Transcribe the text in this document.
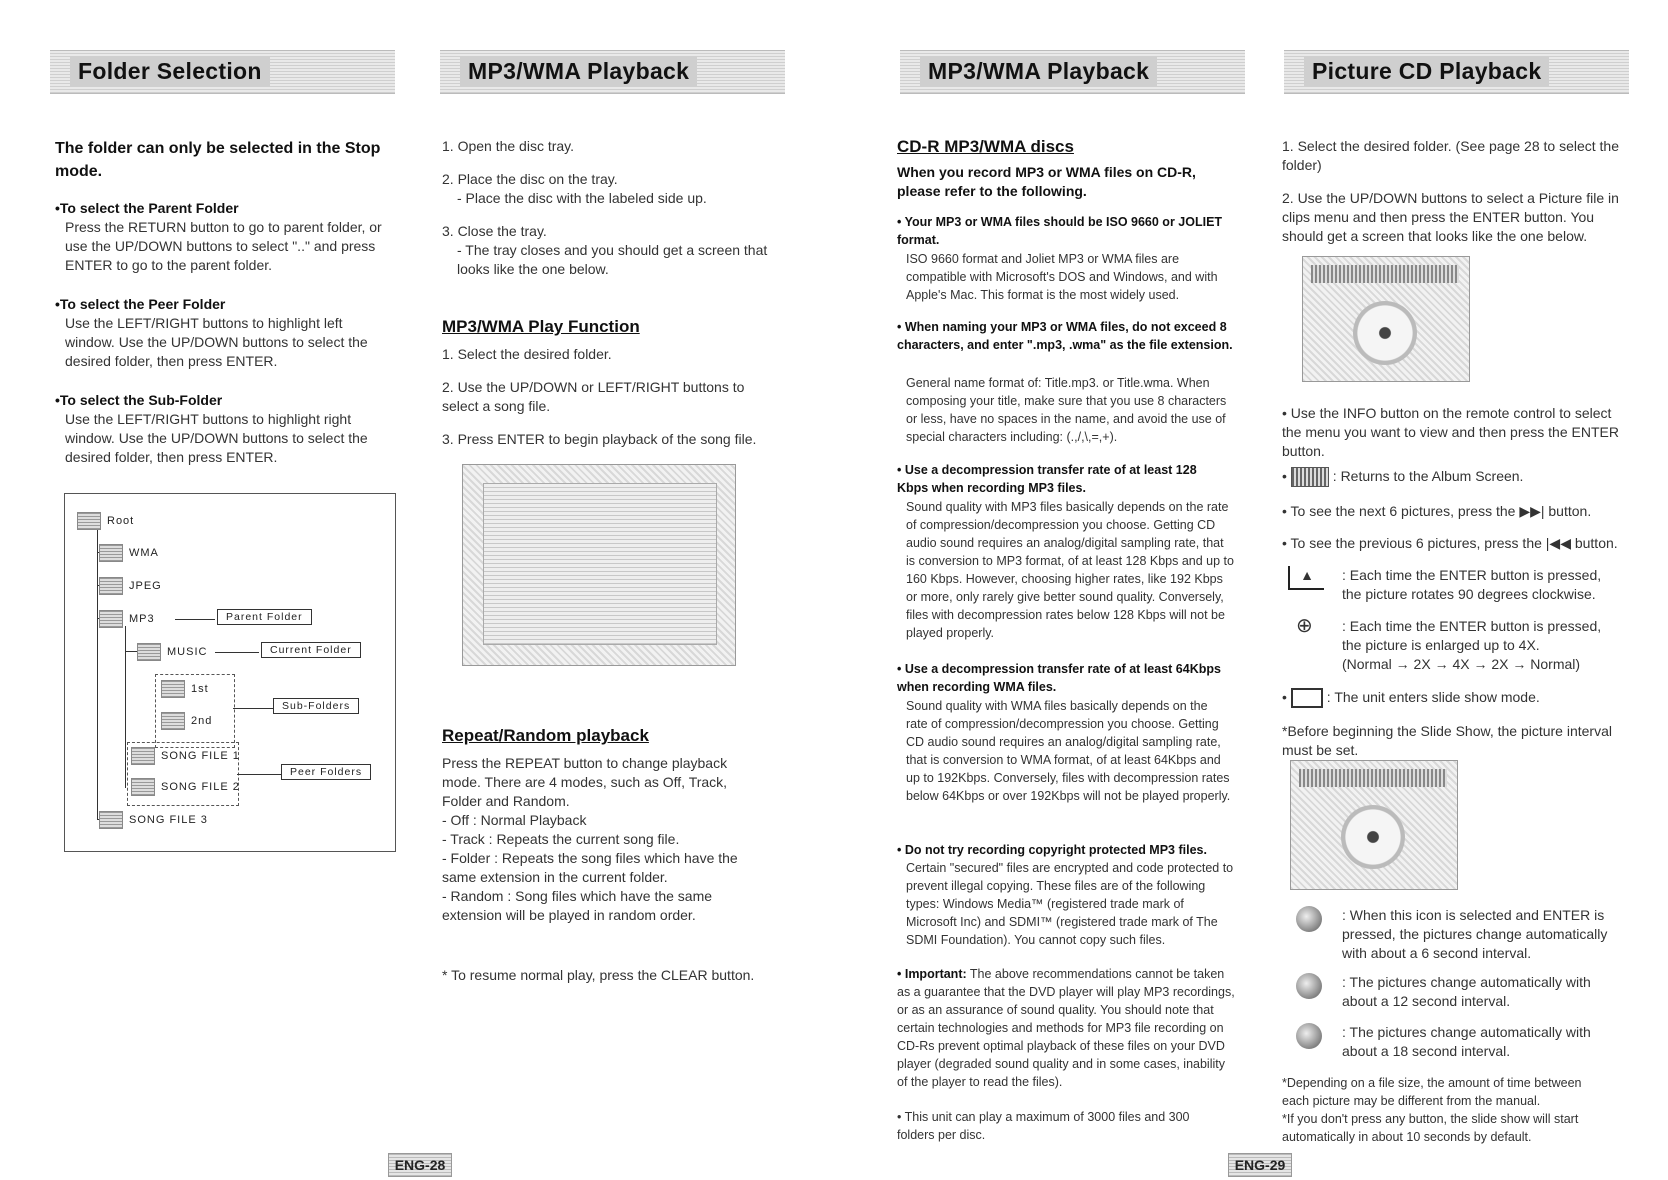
Folder Selection	MP3/WMA Playback	MP3/WMA Playback	Picture CD Playback
The folder can only be selected in the Stop mode.
•To select the Parent Folder
Press the RETURN button to go to parent folder, or use the UP/DOWN buttons to select ".." and press ENTER to go to the parent folder.
•To select the Peer Folder
Use the LEFT/RIGHT buttons to highlight left window. Use the UP/DOWN buttons to select the desired folder, then press ENTER.
•To select the Sub-Folder
Use the LEFT/RIGHT buttons to highlight right window. Use the UP/DOWN buttons to select the desired folder, then press ENTER.
Root
WMA
JPEG
MP3	Parent Folder
MUSIC	Current Folder
1st
2nd
Sub-Folders
SONG FILE 1
SONG FILE 2
Peer Folders
SONG FILE 3
1. Open the disc tray.
2. Place the disc on the tray.
- Place the disc with the labeled side up.
3. Close the tray.
- The tray closes and you should get a screen that looks like the one below.
MP3/WMA Play Function
1. Select the desired folder.
2. Use the UP/DOWN or LEFT/RIGHT buttons to select a song file.
3. Press ENTER to begin playback of the song file.
Repeat/Random playback
Press the REPEAT button to change playback mode. There are 4 modes, such as Off, Track, Folder and Random.
- Off : Normal Playback
- Track : Repeats the current song file.
- Folder : Repeats the song files which have the same extension in the current folder.
- Random : Song files which have the same extension will be played in random order.
* To resume normal play, press the CLEAR button.
CD-R MP3/WMA discs
When you record MP3 or WMA files on CD-R, please refer to the following.
• Your MP3 or WMA files should be ISO 9660 or JOLIET format.
ISO 9660 format and Joliet MP3 or WMA files are compatible with Microsoft's DOS and Windows, and with Apple's Mac. This format is the most widely used.
• When naming your MP3 or WMA files, do not exceed 8 characters, and enter ".mp3, .wma" as the file extension.
General name format of: Title.mp3. or Title.wma. When composing your title, make sure that you use 8 characters or less, have no spaces in the name, and avoid the use of special characters including: (.,/,\,=,+).
• Use a decompression transfer rate of at least 128 Kbps when recording MP3 files.
Sound quality with MP3 files basically depends on the rate of compression/decompression you choose. Getting CD audio sound requires an analog/digital sampling rate, that is conversion to MP3 format, of at least 128 Kbps and up to 160 Kbps. However, choosing higher rates, like 192 Kbps or more, only rarely give better sound quality. Conversely, files with decompression rates below 128 Kbps will not be played properly.
• Use a decompression transfer rate of at least 64Kbps when recording WMA files.
Sound quality with WMA files basically depends on the rate of compression/decompression you choose. Getting CD audio sound requires an analog/digital sampling rate, that is conversion to WMA format, of at least 64Kbps and up to 192Kbps. Conversely, files with decompression rates below 64Kbps or over 192Kbps will not be played properly.
• Do not try recording copyright protected MP3 files.
Certain "secured" files are encrypted and code protected to prevent illegal copying. These files are of the following types: Windows Media™ (registered trade mark of Microsoft Inc) and SDMI™ (registered trade mark of The SDMI Foundation). You cannot copy such files.
• Important: The above recommendations cannot be taken as a guarantee that the DVD player will play MP3 recordings, or as an assurance of sound quality. You should note that certain technologies and methods for MP3 file recording on CD-Rs prevent optimal playback of these files on your DVD player (degraded sound quality and in some cases, inability of the player to read the files).
• This unit can play a maximum of 3000 files and 300 folders per disc.
1. Select the desired folder. (See page 28 to select the folder)
2. Use the UP/DOWN buttons to select a Picture file in clips menu and then press the ENTER button. You should get a screen that looks like the one below.
• Use the INFO button on the remote control to select the menu you want to view and then press the ENTER button.
•	: Returns to the Album Screen.
• To see the next 6 pictures, press the ▶▶| button.
• To see the previous 6 pictures, press the |◀◀ button.
▲	: Each time the ENTER button is pressed, the picture rotates 90 degrees clockwise.
⊕ : Each time the ENTER button is pressed, the picture is enlarged up to 4X.
(Normal → 2X → 4X → 2X → Normal)
•	: The unit enters slide show mode.
*Before beginning the Slide Show, the picture interval must be set.
: When this icon is selected and ENTER is pressed, the pictures change automatically with about a 6 second interval.
: The pictures change automatically with about a 12 second interval.
: The pictures change automatically with about a 18 second interval.
*Depending on a file size, the amount of time between each picture may be different from the manual.
*If you don't press any button, the slide show will start automatically in about 10 seconds by default.
ENG-28	ENG-29
